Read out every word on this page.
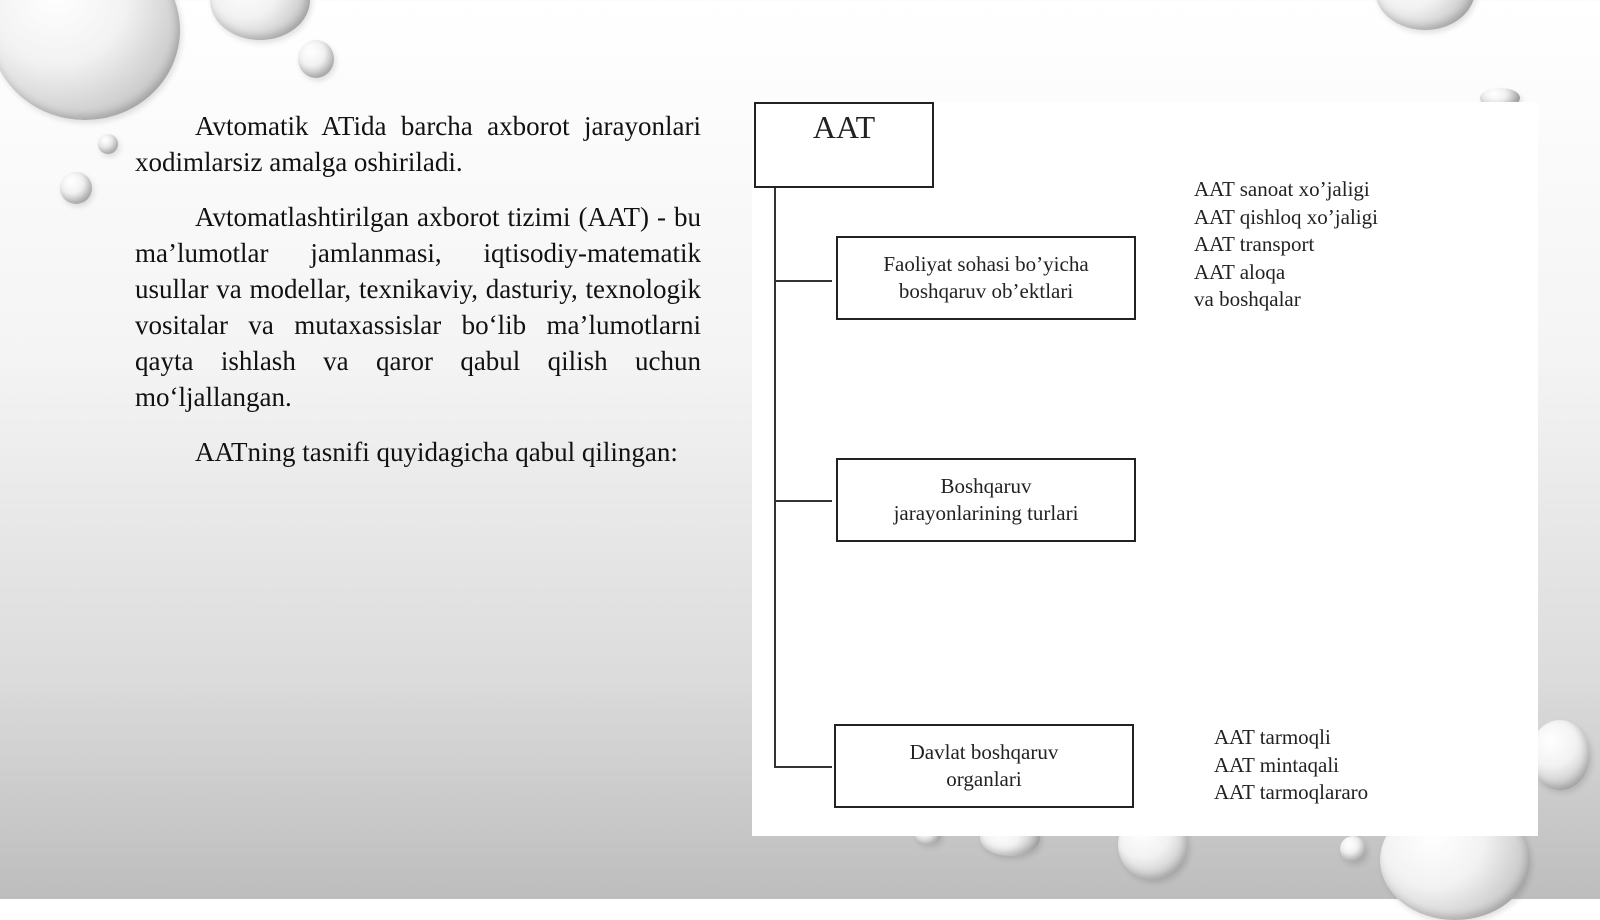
Avtomatik ATida barcha axborot jarayonlari xodimlarsiz amalga oshiriladi.

Avtomatlashtirilgan axborot tizimi (AAT) - bu ma’lumotlar jamlanmasi, iqtisodiy-matematik usullar va modellar, texnikaviy, dasturiy, texnologik vositalar va mutaxassislar bo‘lib ma’lumotlarni qayta ishlash va qaror qabul qilish uchun mo‘ljallangan.

AATning tasnifi quyidagicha qabul qilingan:

AAT
Faoliyat sohasi bo’yicha boshqaruv ob’ektlari
Boshqaruv jarayonlarining turlari
Davlat boshqaruv organlari
AAT sanoat xo’jaligi
AAT qishloq xo’jaligi
AAT transport
AAT aloqa
va boshqalar
AAT tarmoqli
AAT mintaqali
AAT tarmoqlararo
